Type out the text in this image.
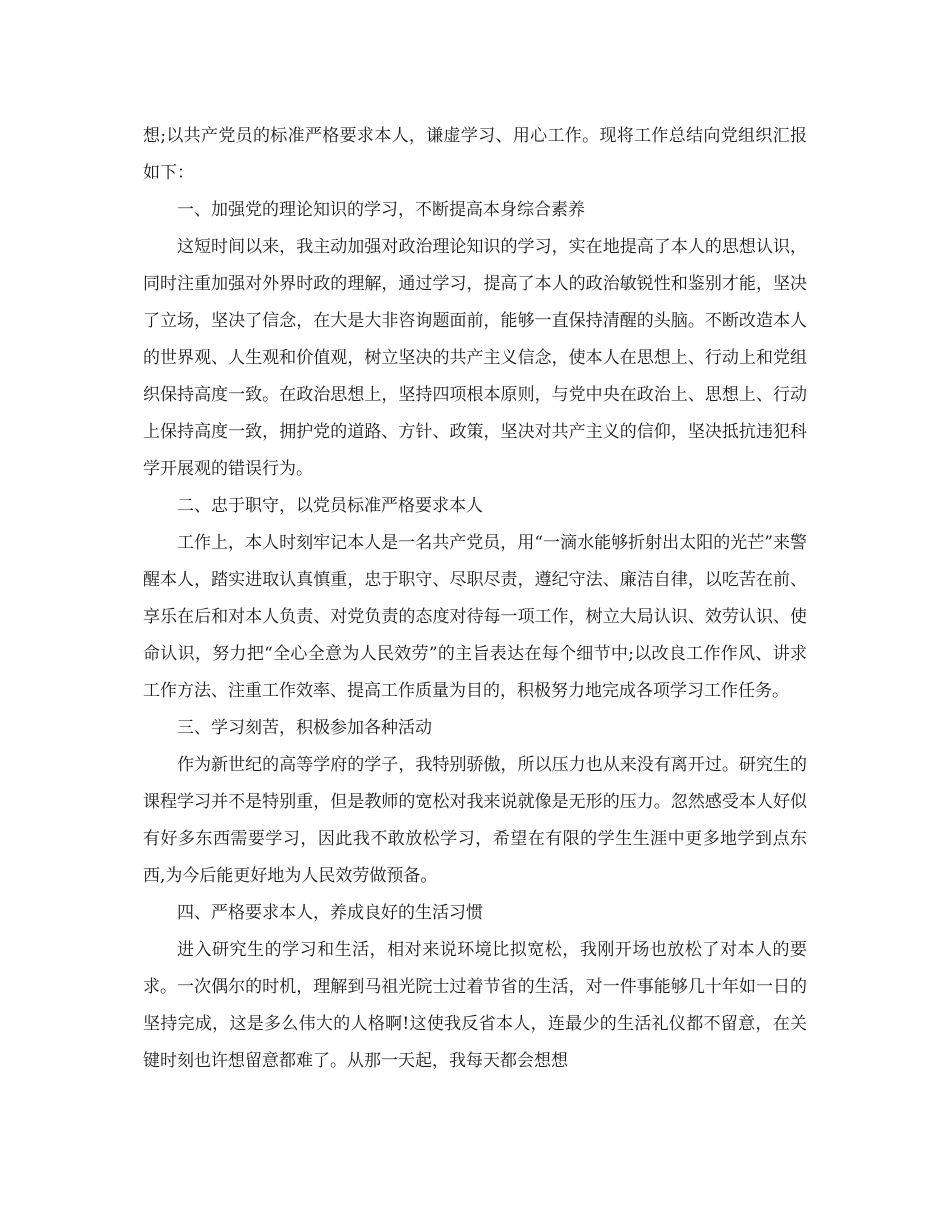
想;以共产党员的标准严格要求本人，谦虚学习、用心工作。现将工作总结向党组织汇报如下：

一、加强党的理论知识的学习，不断提高本身综合素养

这短时间以来，我主动加强对政治理论知识的学习，实在地提高了本人的思想认识，同时注重加强对外界时政的理解，通过学习，提高了本人的政治敏锐性和鉴别才能，坚决了立场，坚决了信念，在大是大非咨询题面前，能够一直保持清醒的头脑。不断改造本人的世界观、人生观和价值观，树立坚决的共产主义信念，使本人在思想上、行动上和党组织保持高度一致。在政治思想上，坚持四项根本原则，与党中央在政治上、思想上、行动上保持高度一致，拥护党的道路、方针、政策，坚决对共产主义的信仰，坚决抵抗违犯科学开展观的错误行为。

二、忠于职守，以党员标准严格要求本人

工作上，本人时刻牢记本人是一名共产党员，用“一滴水能够折射出太阳的光芒”来警醒本人，踏实进取认真慎重，忠于职守、尽职尽责，遵纪守法、廉洁自律，以吃苦在前、享乐在后和对本人负责、对党负责的态度对待每一项工作，树立大局认识、效劳认识、使命认识，努力把“全心全意为人民效劳”的主旨表达在每个细节中;以改良工作作风、讲求工作方法、注重工作效率、提高工作质量为目的，积极努力地完成各项学习工作任务。

三、学习刻苦，积极参加各种活动

作为新世纪的高等学府的学子，我特别骄傲，所以压力也从来没有离开过。研究生的课程学习并不是特别重，但是教师的宽松对我来说就像是无形的压力。忽然感受本人好似有好多东西需要学习，因此我不敢放松学习，希望在有限的学生生涯中更多地学到点东西,为今后能更好地为人民效劳做预备。

四、严格要求本人，养成良好的生活习惯

进入研究生的学习和生活，相对来说环境比拟宽松，我刚开场也放松了对本人的要求。一次偶尔的时机，理解到马祖光院士过着节省的生活，对一件事能够几十年如一日的坚持完成，这是多么伟大的人格啊!这使我反省本人，连最少的生活礼仪都不留意，在关键时刻也许想留意都难了。从那一天起，我每天都会想想
